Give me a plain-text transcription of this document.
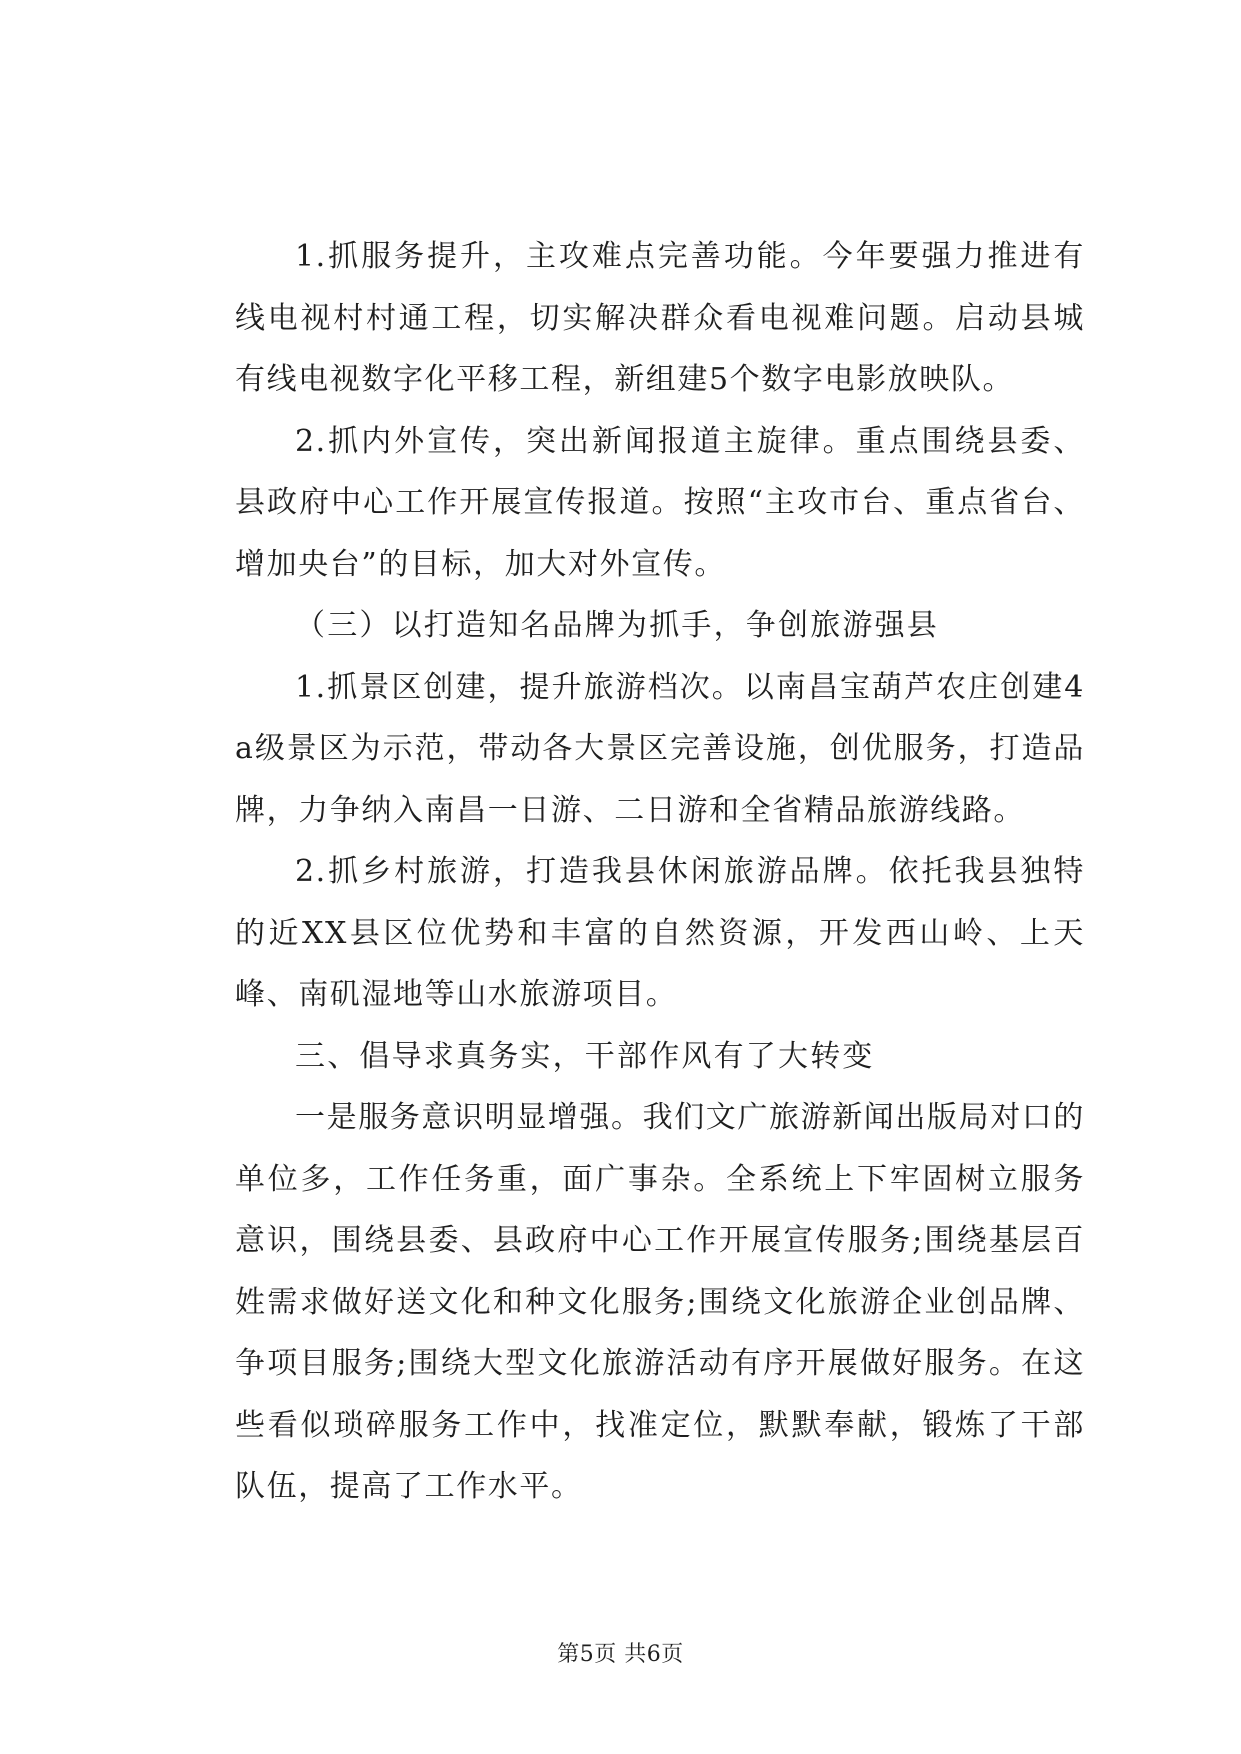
1.抓服务提升，主攻难点完善功能。今年要强力推进有线电视村村通工程，切实解决群众看电视难问题。启动县城有线电视数字化平移工程，新组建5个数字电影放映队。

2.抓内外宣传，突出新闻报道主旋律。重点围绕县委、县政府中心工作开展宣传报道。按照“主攻市台、重点省台、增加央台”的目标，加大对外宣传。

（三）以打造知名品牌为抓手，争创旅游强县

1.抓景区创建，提升旅游档次。以南昌宝葫芦农庄创建4a级景区为示范，带动各大景区完善设施，创优服务，打造品牌，力争纳入南昌一日游、二日游和全省精品旅游线路。

2.抓乡村旅游，打造我县休闲旅游品牌。依托我县独特的近XX县区位优势和丰富的自然资源，开发西山岭、上天峰、南矶湿地等山水旅游项目。

三、倡导求真务实，干部作风有了大转变

一是服务意识明显增强。我们文广旅游新闻出版局对口的单位多，工作任务重，面广事杂。全系统上下牢固树立服务意识，围绕县委、县政府中心工作开展宣传服务;围绕基层百姓需求做好送文化和种文化服务;围绕文化旅游企业创品牌、争项目服务;围绕大型文化旅游活动有序开展做好服务。在这些看似琐碎服务工作中，找准定位，默默奉献，锻炼了干部队伍，提高了工作水平。

第5页 共6页
